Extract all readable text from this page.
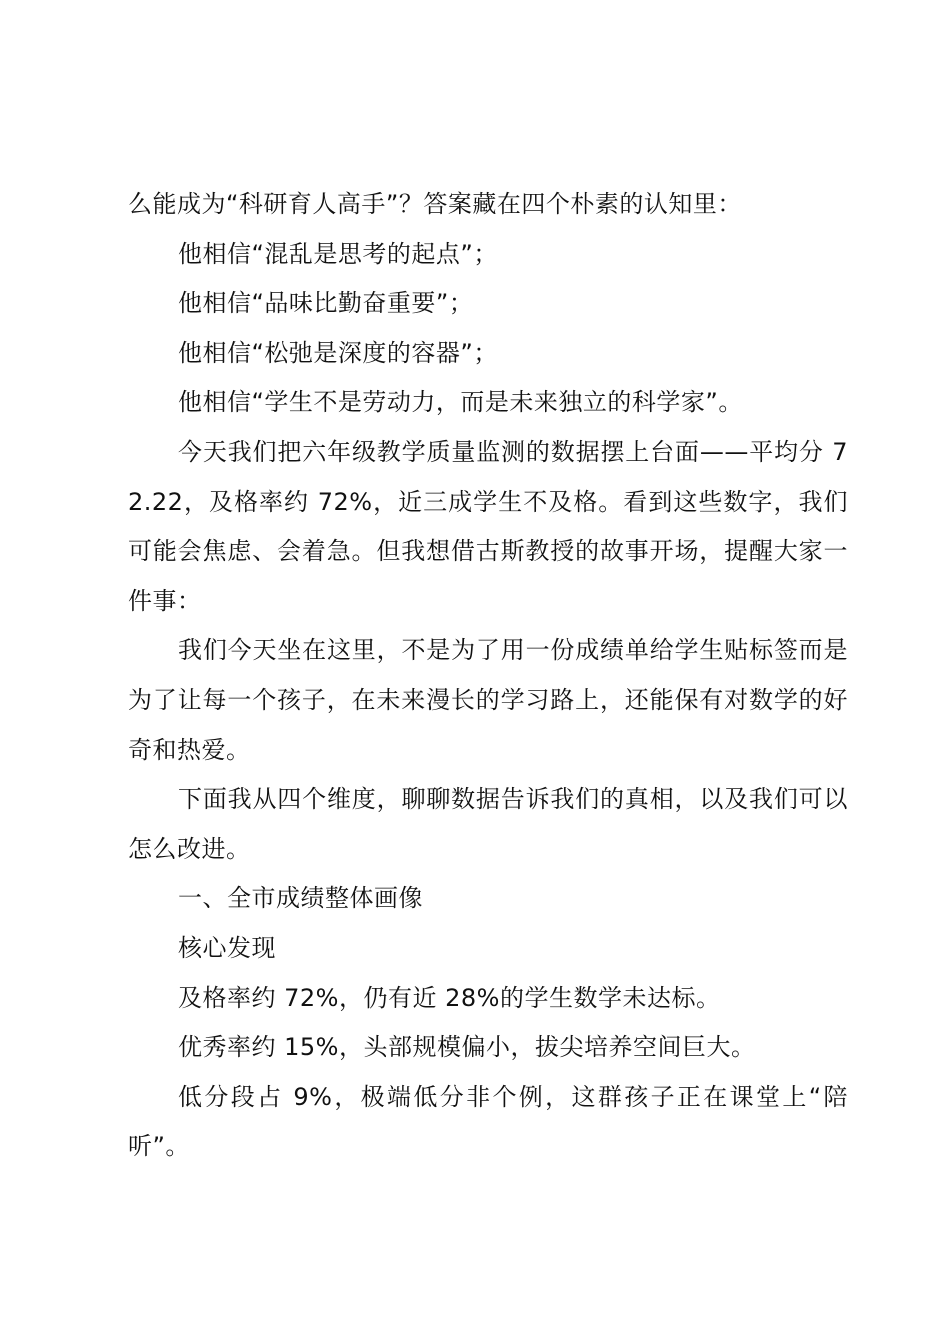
么能成为“科研育人高手”？答案藏在四个朴素的认知里：

他相信“混乱是思考的起点”；

他相信“品味比勤奋重要”；

他相信“松弛是深度的容器”；

他相信“学生不是劳动力，而是未来独立的科学家”。

今天我们把六年级教学质量监测的数据摆上台面——平均分 72.22，及格率约 72%，近三成学生不及格。看到这些数字，我们可能会焦虑、会着急。但我想借古斯教授的故事开场，提醒大家一件事：

我们今天坐在这里，不是为了用一份成绩单给学生贴标签而是为了让每一个孩子，在未来漫长的学习路上，还能保有对数学的好奇和热爱。

下面我从四个维度，聊聊数据告诉我们的真相，以及我们可以怎么改进。

一、全市成绩整体画像

核心发现

及格率约 72%，仍有近 28%的学生数学未达标。

优秀率约 15%，头部规模偏小，拔尖培养空间巨大。

低分段占 9%，极端低分非个例，这群孩子正在课堂上“陪听”。
